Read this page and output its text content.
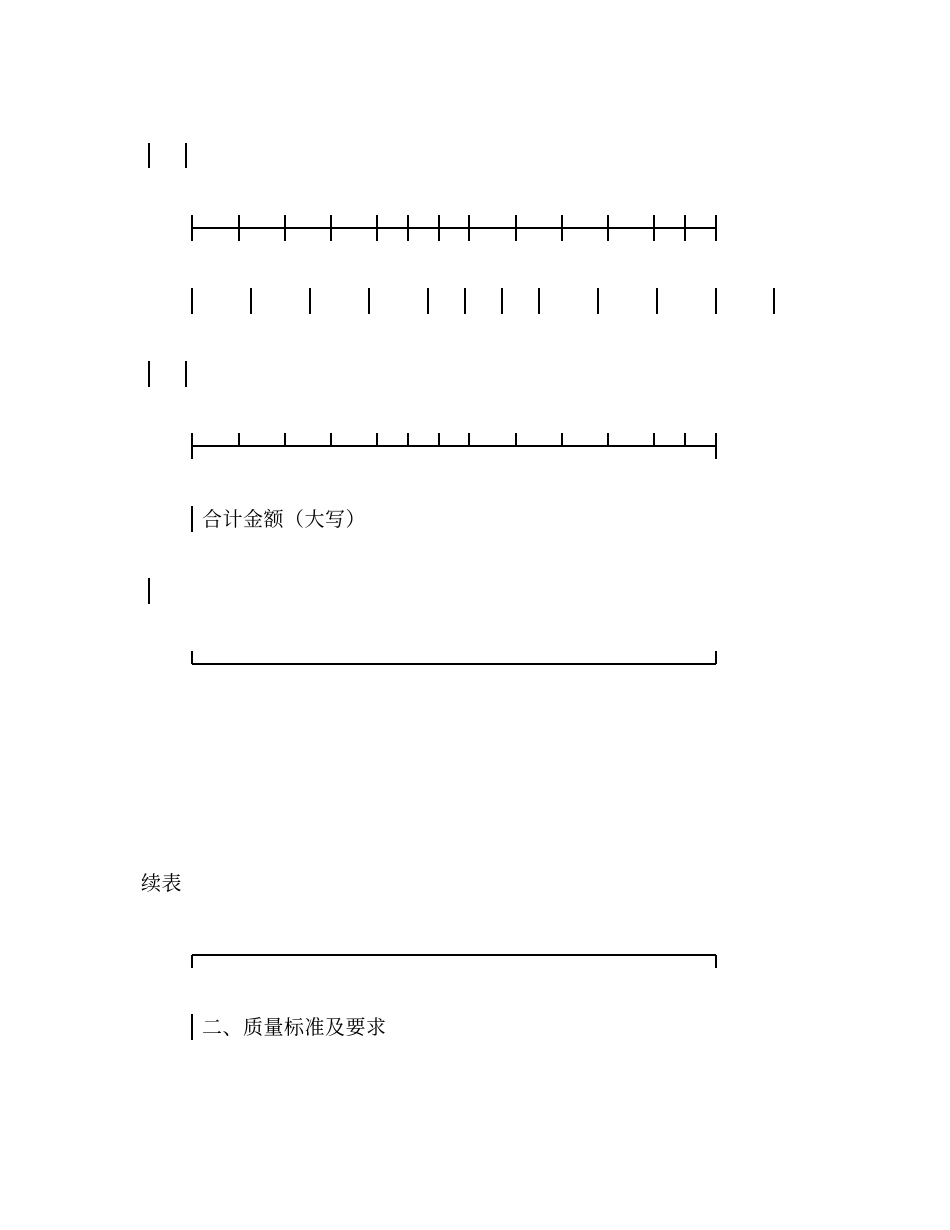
合计金额（大写）
续表
二、质量标准及要求
